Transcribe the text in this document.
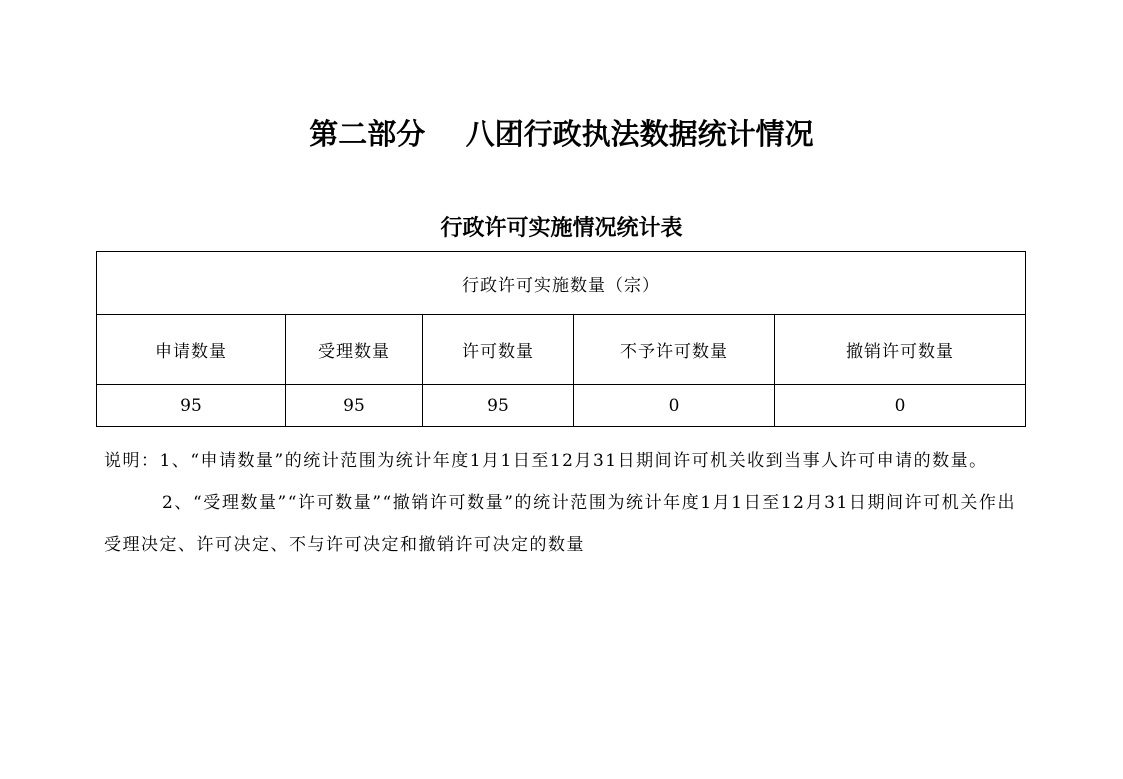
第二部分    八团行政执法数据统计情况
行政许可实施情况统计表
行政许可实施数量（宗）				
申请数量	受理数量	许可数量	不予许可数量	撤销许可数量
95	95	95	0	0

说明：1、“申请数量”的统计范围为统计年度1月1日至12月31日期间许可机关收到当事人许可申请的数量。

2、“受理数量”“许可数量”“撤销许可数量”的统计范围为统计年度1月1日至12月31日期间许可机关作出受理决定、许可决定、不与许可决定和撤销许可决定的数量
